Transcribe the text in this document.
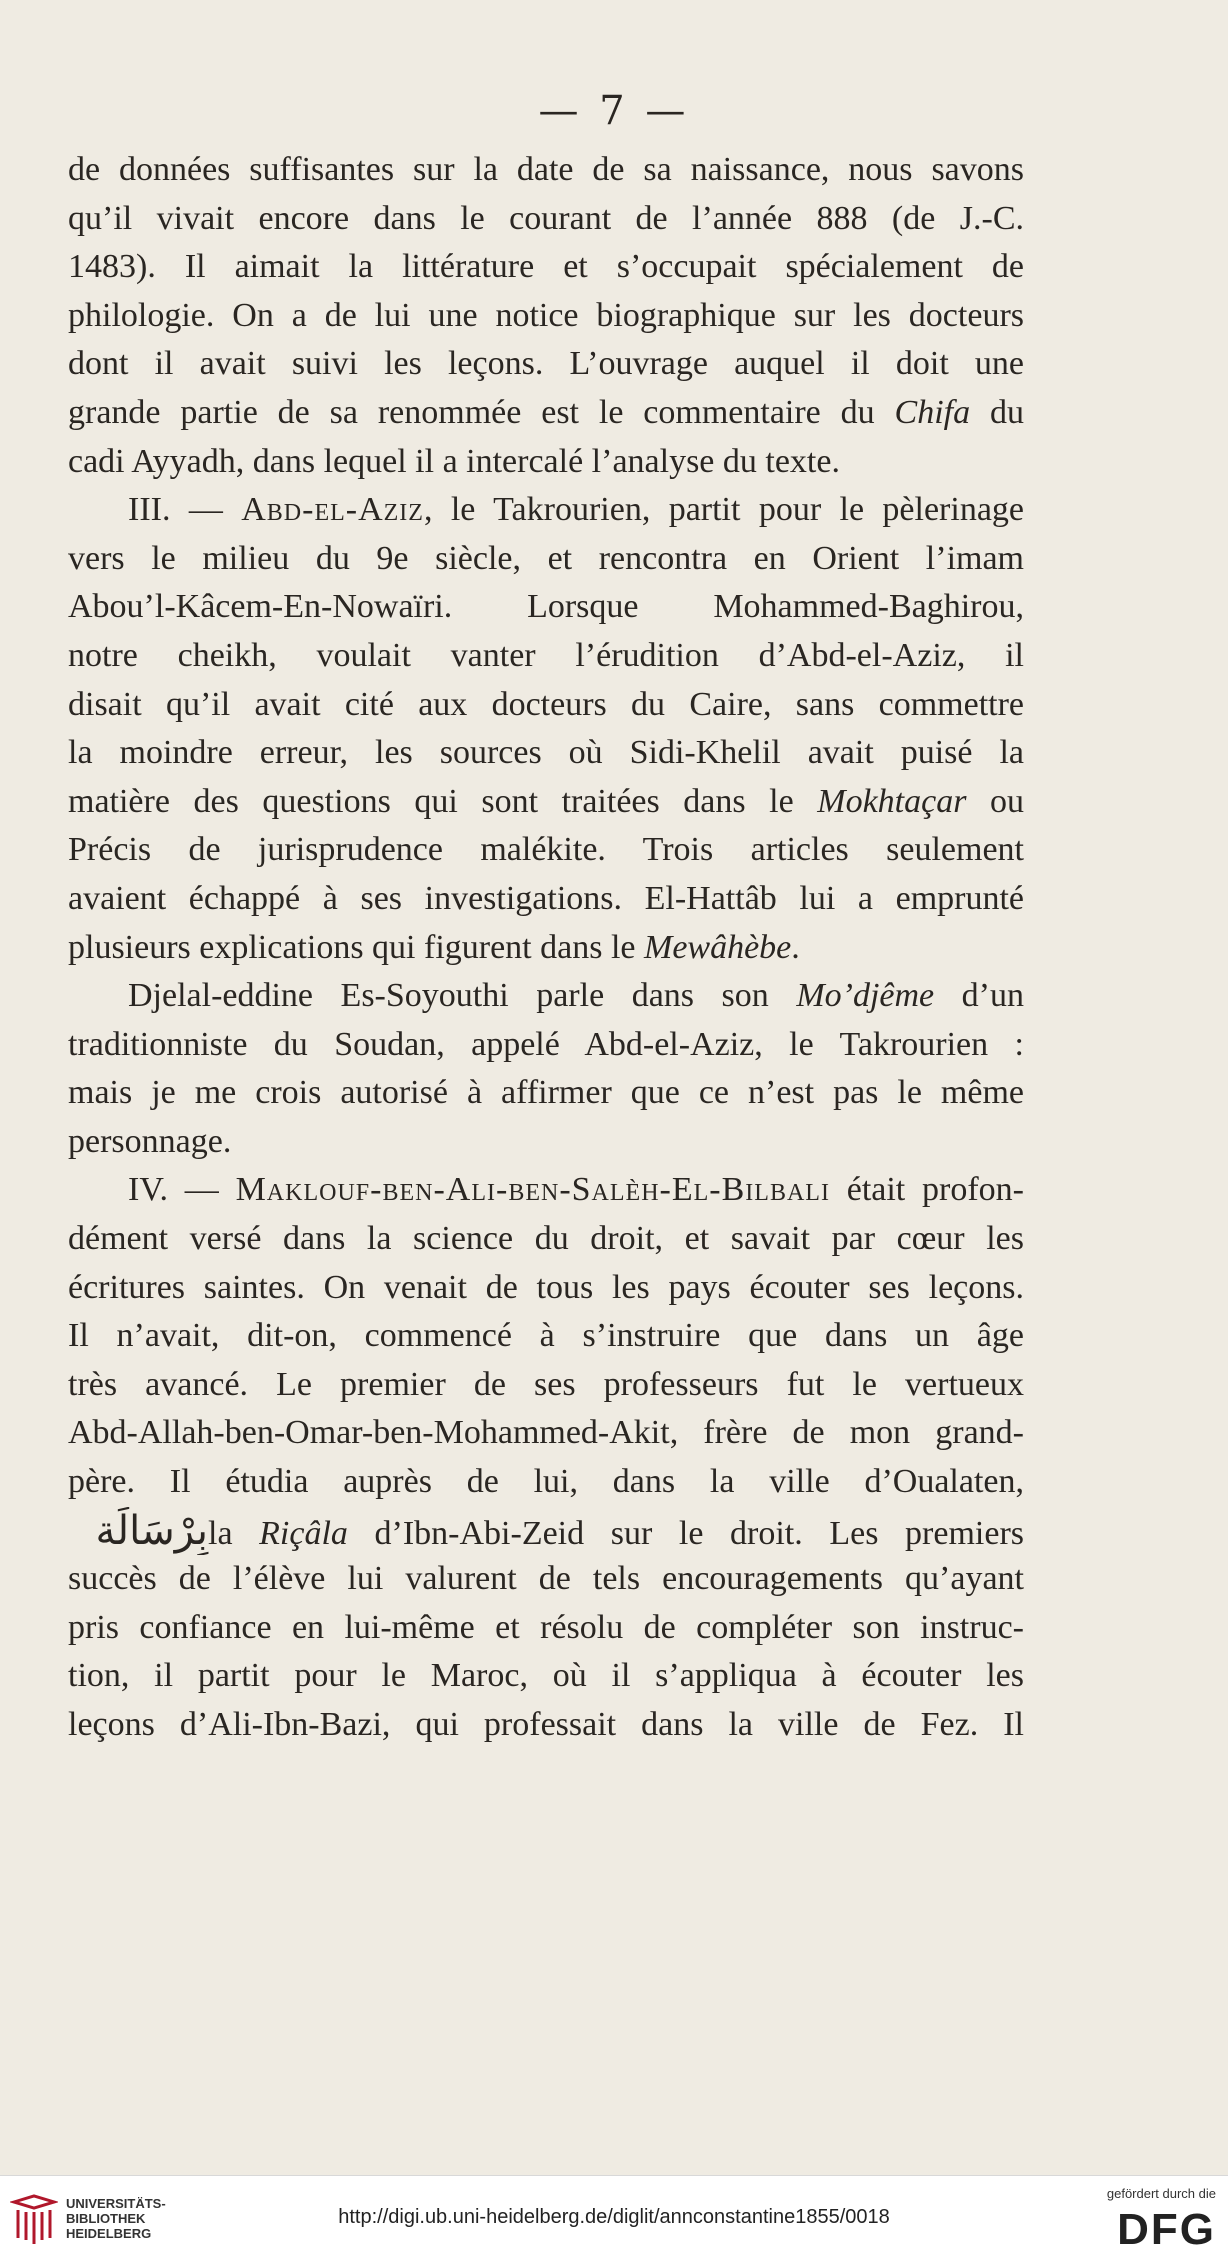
— 7 —
de données suffisantes sur la date de sa naissance, nous savons
qu’il vivait encore dans le courant de l’année 888 (de J.-C.
1483). Il aimait la littérature et s’occupait spécialement de
philologie. On a de lui une notice biographique sur les docteurs
dont il avait suivi les leçons. L’ouvrage auquel il doit une
grande partie de sa renommée est le commentaire du Chifa du
cadi Ayyadh, dans lequel il a intercalé l’analyse du texte.
III. — Abd-el-Aziz, le Takrourien, partit pour le pèlerinage
vers le milieu du 9e siècle, et rencontra en Orient l’imam
Abou’l-Kâcem-En-Nowaïri. Lorsque Mohammed-Baghirou,
notre cheikh, voulait vanter l’érudition d’Abd-el-Aziz, il
disait qu’il avait cité aux docteurs du Caire, sans commettre
la moindre erreur, les sources où Sidi-Khelil avait puisé la
matière des questions qui sont traitées dans le Mokhtaçar ou
Précis de jurisprudence malékite. Trois articles seulement
avaient échappé à ses investigations. El-Hattâb lui a emprunté
plusieurs explications qui figurent dans le Mewâhèbe.
Djelal-eddine Es-Soyouthi parle dans son Mo’djême d’un
traditionniste du Soudan, appelé Abd-el-Aziz, le Takrourien :
mais je me crois autorisé à affirmer que ce n’est pas le même
personnage.
IV. — Maklouf-ben-Ali-ben-Salèh-El-Bilbali était profon-
dément versé dans la science du droit, et savait par cœur les
écritures saintes. On venait de tous les pays écouter ses leçons.
Il n’avait, dit-on, commencé à s’instruire que dans un âge
très avancé. Le premier de ses professeurs fut le vertueux
Abd-Allah-ben-Omar-ben-Mohammed-Akit, frère de mon grand-
père. Il étudia auprès de lui, dans la ville d’Oualaten,
بِرْسَالَةla Riçâla d’Ibn-Abi-Zeid sur le droit. Les premiers
succès de l’élève lui valurent de tels encouragements qu’ayant
pris confiance en lui-même et résolu de compléter son instruc-
tion, il partit pour le Maroc, où il s’appliqua à écouter les
leçons d’Ali-Ibn-Bazi, qui professait dans la ville de Fez. Il
UNIVERSITÄTS-
BIBLIOTHEK
HEIDELBERG
http://digi.ub.uni-heidelberg.de/diglit/annconstantine1855/0018
gefördert durch die
DFG
